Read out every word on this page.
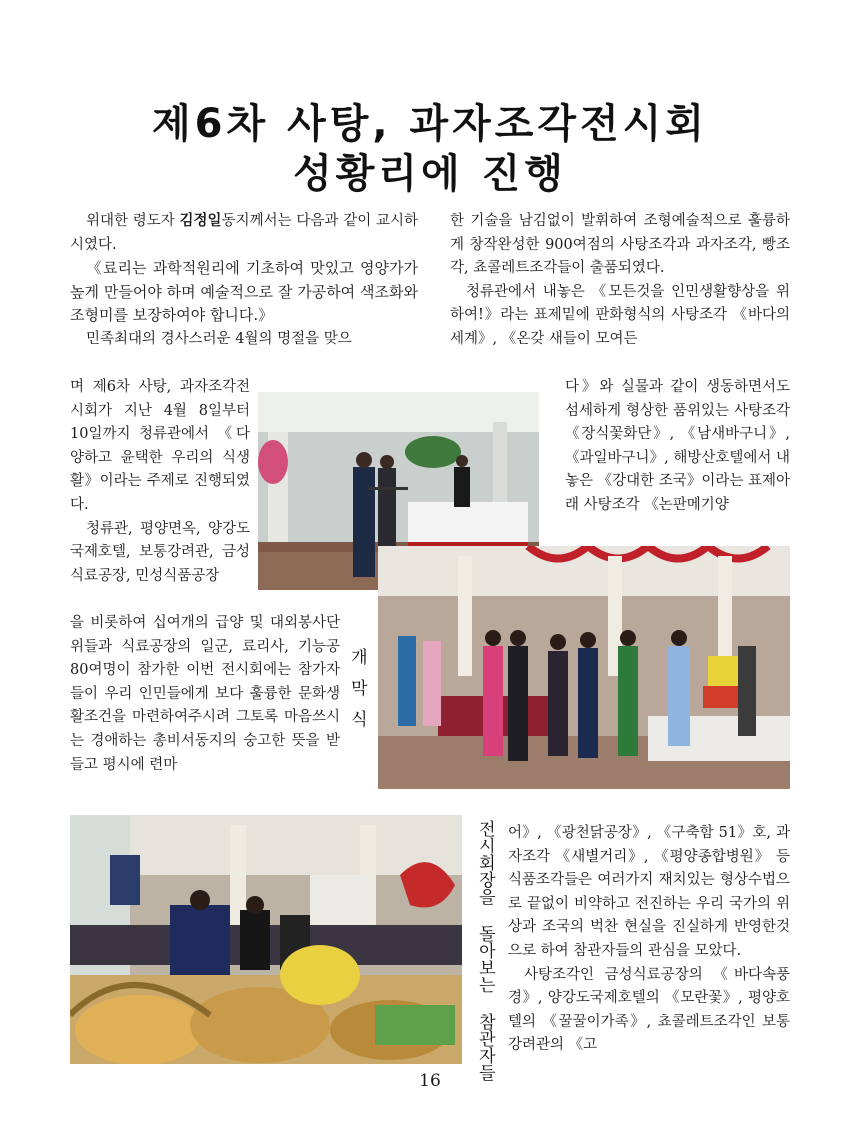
제6차 사탕, 과자조각전시회
성황리에 진행

위대한 령도자 김정일동지께서는 다음과 같이 교시하시였다.

《료리는 과학적원리에 기초하여 맛있고 영양가가 높게 만들어야 하며 예술적으로 잘 가공하여 색조화와 조형미를 보장하여야 합니다.》

민족최대의 경사스러운 4월의 명절을 맞으

며 제6차 사탕, 과자조각전시회가 지난 4월 8일부터 10일까지 청류관에서 《다양하고 윤택한 우리의 식생활》이라는 주제로 진행되였다.

청류관, 평양면옥, 양강도국제호텔, 보통강려관, 금성식료공장, 민성식품공장

을 비롯하여 십여개의 급양 및 대외봉사단위들과 식료공장의 일군, 료리사, 기능공 80여명이 참가한 이번 전시회에는 참가자들이 우리 인민들에게 보다 훌륭한 문화생활조건을 마련하여주시려 그토록 마음쓰시는 경애하는 총비서동지의 숭고한 뜻을 받들고 평시에 련마

한 기술을 남김없이 발휘하여 조형예술적으로 훌륭하게 창작완성한 900여점의 사탕조각과 과자조각, 빵조각, 쵸콜레트조각들이 출품되였다.

청류관에서 내놓은 《모든것을 인민생활향상을 위하여!》라는 표제밑에 판화형식의 사탕조각 《바다의 세계》, 《온갖 새들이 모여든

다》와 실물과 같이 생동하면서도 섬세하게 형상한 품위있는 사탕조각 《장식꽃화단》, 《남새바구니》, 《과일바구니》, 해방산호텔에서 내놓은 《강대한 조국》이라는 표제아래 사탕조각 《논판메기양

개막식
전시회장을 돌아보는 참관자들 어》, 《광천닭공장》, 《구축함 51》호, 과자조각 《새별거리》, 《평양종합병원》 등 식품조각들은 여러가지 재치있는 형상수법으로 끝없이 비약하고 전진하는 우리 국가의 위상과 조국의 벅찬 현실을 진실하게 반영한것으로 하여 참관자들의 관심을 모았다.

사탕조각인 금성식료공장의 《바다속풍경》, 양강도국제호텔의 《모란꽃》, 평양호텔의 《꿀꿀이가족》, 쵸콜레트조각인 보통강려관의 《고

16
